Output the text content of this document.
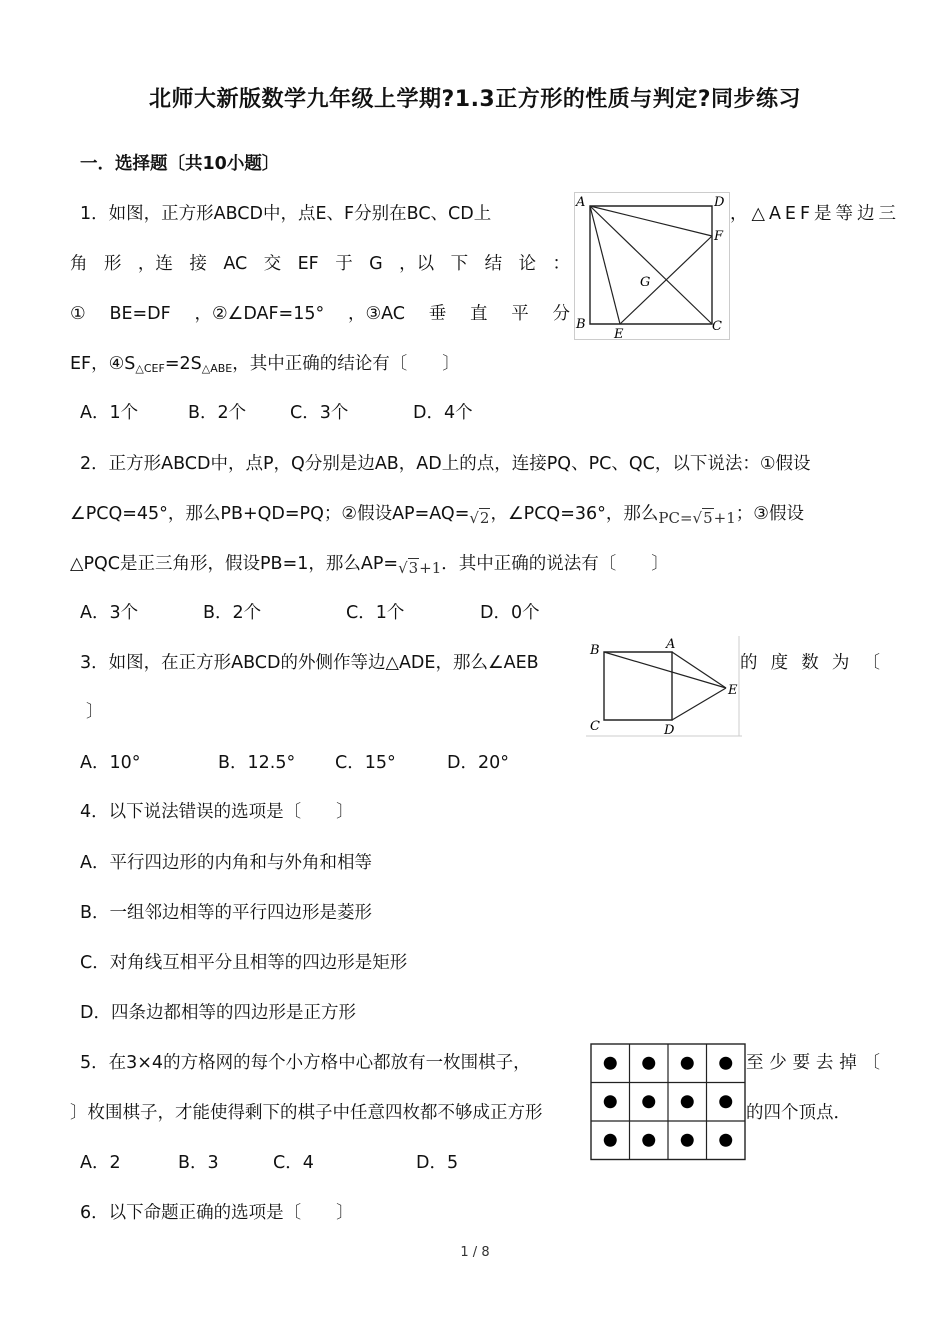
北师大新版数学九年级上学期?1.3正方形的性质与判定?同步练习
一．选择题〔共10小题〕
1．如图，正方形ABCD中，点E、F分别在BC、CD上	，△AEF是等边三
角 形 ，连 接 AC 交 EF 于 G ，以 下 结 论 ：
① BE=DF ，②∠DAF=15° ，③AC 垂 直 平 分
EF，$④S_{\triangle CEF}=2S_{\triangle ABE}$，其中正确的结论有〔　　〕
A．1个	B．2个	C．3个	D．4个
A	D
F
G
B
E
C
2．正方形ABCD中，点P，Q分别是边AB，AD上的点，连接PQ、PC、QC，以下说法：①假设
∠PCQ=45°，那么PB+QD=PQ；②假设AP=AQ=√2，∠PCQ=36°，那么PC=√5+1；③假设
△PQC是正三角形，假设PB=1，那么AP=√3+1．其中正确的说法有〔　　〕
A．3个	B．2个	C．1个	D．0个
3．如图，在正方形ABCD的外侧作等边△ADE，那么∠AEB	的 度 数 为 〔
〕
A．10°	B．12.5° C．15°	D．20°
B	A
E
C	D
4．以下说法错误的选项是〔　　〕
A．平行四边形的内角和与外角和相等
B．一组邻边相等的平行四边形是菱形
C．对角线互相平分且相等的四边形是矩形
D．四条边都相等的四边形是正方形
5．在3×4的方格网的每个小方格中心都放有一枚围棋子，	至 少 要 去 掉 〔
〕枚围棋子，才能使得剩下的棋子中任意四枚都不够成正方形	的四个顶点．
A．2	B．3	C．4	D．5
6．以下命题正确的选项是〔　　〕
1 / 8
